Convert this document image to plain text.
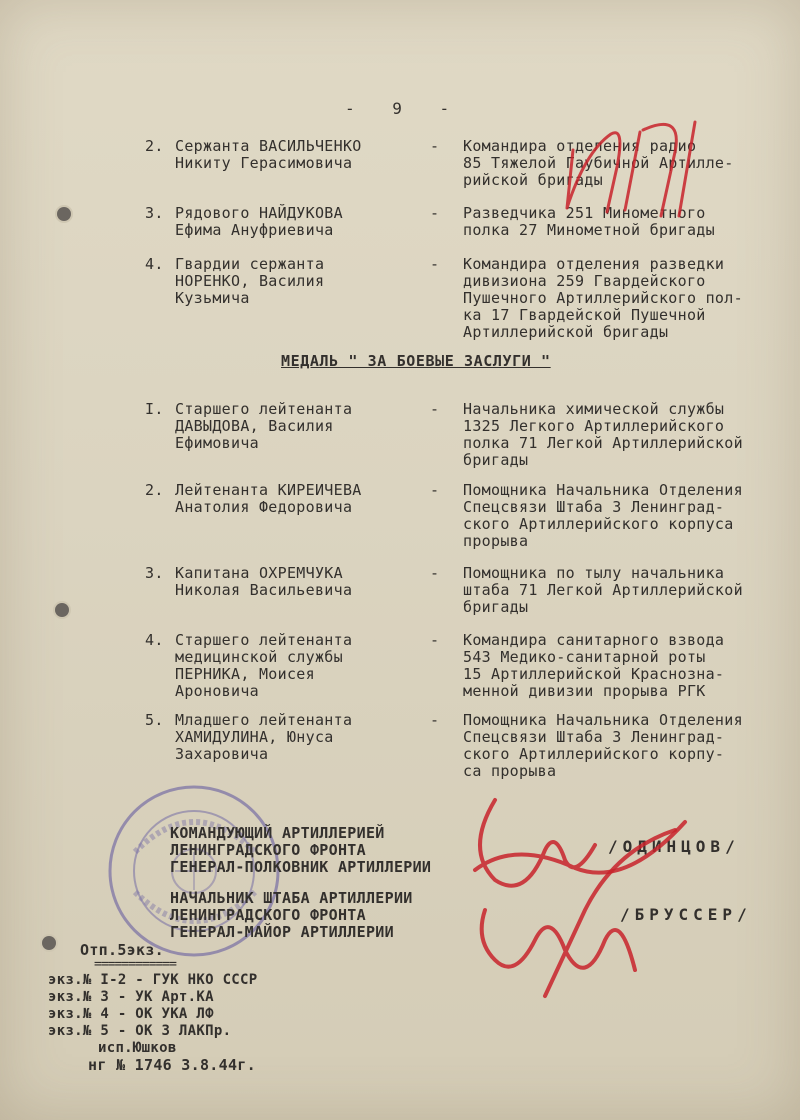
- 9 -
2. Сержанта ВАСИЛЬЧЕНКО
Никиту Герасимовича
- Командира отделения радио
85 Тяжелой Гаубичной Артилле-
рийской бригады
3. Рядового НАЙДУКОВА
Ефима Ануфриевича
- Разведчика 251 Минометного
полка 27 Минометной бригады
4. Гвардии сержанта
НОРЕНКО, Василия
Кузьмича
- Командира отделения разведки
дивизиона 259 Гвардейского
Пушечного Артиллерийского пол-
ка 17 Гвардейской Пушечной
Артиллерийской бригады
МЕДАЛЬ " ЗА БОЕВЫЕ ЗАСЛУГИ "
I. Старшего лейтенанта
ДАВЫДОВА, Василия
Ефимовича
- Начальника химической службы
1325 Легкого Артиллерийского
полка 71 Легкой Артиллерийской
бригады
2. Лейтенанта КИРЕИЧЕВА
Анатолия Федоровича
- Помощника Начальника Отделения
Спецсвязи Штаба 3 Ленинград-
ского Артиллерийского корпуса
прорыва
3. Капитана ОХРЕМЧУКА
Николая Васильевича
- Помощника по тылу начальника
штаба 71 Легкой Артиллерийской
бригады
4. Старшего лейтенанта
медицинской службы
ПЕРНИКА, Моисея
Ароновича
- Командира санитарного взвода
543 Медико-санитарной роты
15 Артиллерийской Краснозна-
менной дивизии прорыва РГК
5. Младшего лейтенанта
ХАМИДУЛИНА, Юнуса
Захаровича
- Помощника Начальника Отделения
Спецсвязи Штаба 3 Ленинград-
ского Артиллерийского корпу-
са прорыва
КОМАНДУЮЩИЙ АРТИЛЛЕРИЕЙ
ЛЕНИНГРАДСКОГО ФРОНТА
ГЕНЕРАЛ-ПОЛКОВНИК АРТИЛЛЕРИИ
/ОДИНЦОВ/
НАЧАЛЬНИК ШТАБА АРТИЛЛЕРИИ
ЛЕНИНГРАДСКОГО ФРОНТА
ГЕНЕРАЛ-МАЙОР АРТИЛЛЕРИИ
/БРУССЕР/
Отп.5экз.
============
экз.№ I-2 - ГУК НКО СССР
экз.№ 3 - УК Арт.КА
экз.№ 4 - ОК УКА ЛФ
экз.№ 5 - ОК 3 ЛАКПр.
исп.Юшков
нг № 1746 3.8.44г.
